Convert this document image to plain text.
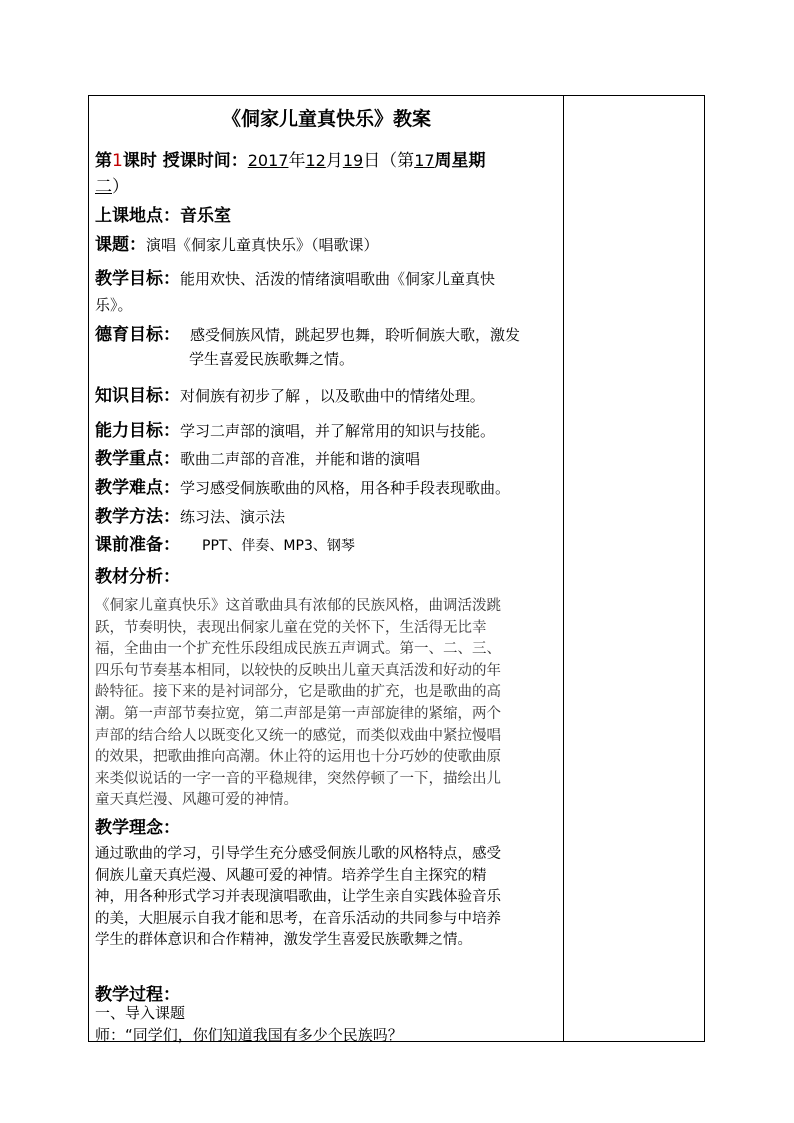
《侗家儿童真快乐》教案
第1课时 授课时间：2017年12月19日（第17周星期
二）
上课地点：音乐室
课题：演唱《侗家儿童真快乐》（唱歌课）
教学目标：能用欢快、活泼的情绪演唱歌曲《侗家儿童真快
乐》。
德育目标： 感受侗族风情，跳起罗也舞，聆听侗族大歌，激发
学生喜爱民族歌舞之情。
知识目标：对侗族有初步了解 ，以及歌曲中的情绪处理。
能力目标：学习二声部的演唱，并了解常用的知识与技能。
教学重点：歌曲二声部的音准，并能和谐的演唱
教学难点：学习感受侗族歌曲的风格，用各种手段表现歌曲。
教学方法：练习法、演示法
课前准备： PPT、伴奏、MP3、钢琴
教材分析：
《侗家儿童真快乐》这首歌曲具有浓郁的民族风格，曲调活泼跳
跃，节奏明快，表现出侗家儿童在党的关怀下，生活得无比幸
福，全曲由一个扩充性乐段组成民族五声调式。第一、二、三、
四乐句节奏基本相同，以较快的反映出儿童天真活泼和好动的年
龄特征。接下来的是衬词部分，它是歌曲的扩充，也是歌曲的高
潮。第一声部节奏拉宽，第二声部是第一声部旋律的紧缩，两个
声部的结合给人以既变化又统一的感觉，而类似戏曲中紧拉慢唱
的效果，把歌曲推向高潮。休止符的运用也十分巧妙的使歌曲原
来类似说话的一字一音的平稳规律，突然停顿了一下，描绘出儿
童天真烂漫、风趣可爱的神情。
教学理念：
通过歌曲的学习，引导学生充分感受侗族儿歌的风格特点，感受
侗族儿童天真烂漫、风趣可爱的神情。培养学生自主探究的精
神，用各种形式学习并表现演唱歌曲，让学生亲自实践体验音乐
的美，大胆展示自我才能和思考，在音乐活动的共同参与中培养
学生的群体意识和合作精神，激发学生喜爱民族歌舞之情。
教学过程：
一、导入课题
师：“同学们，你们知道我国有多少个民族吗？
